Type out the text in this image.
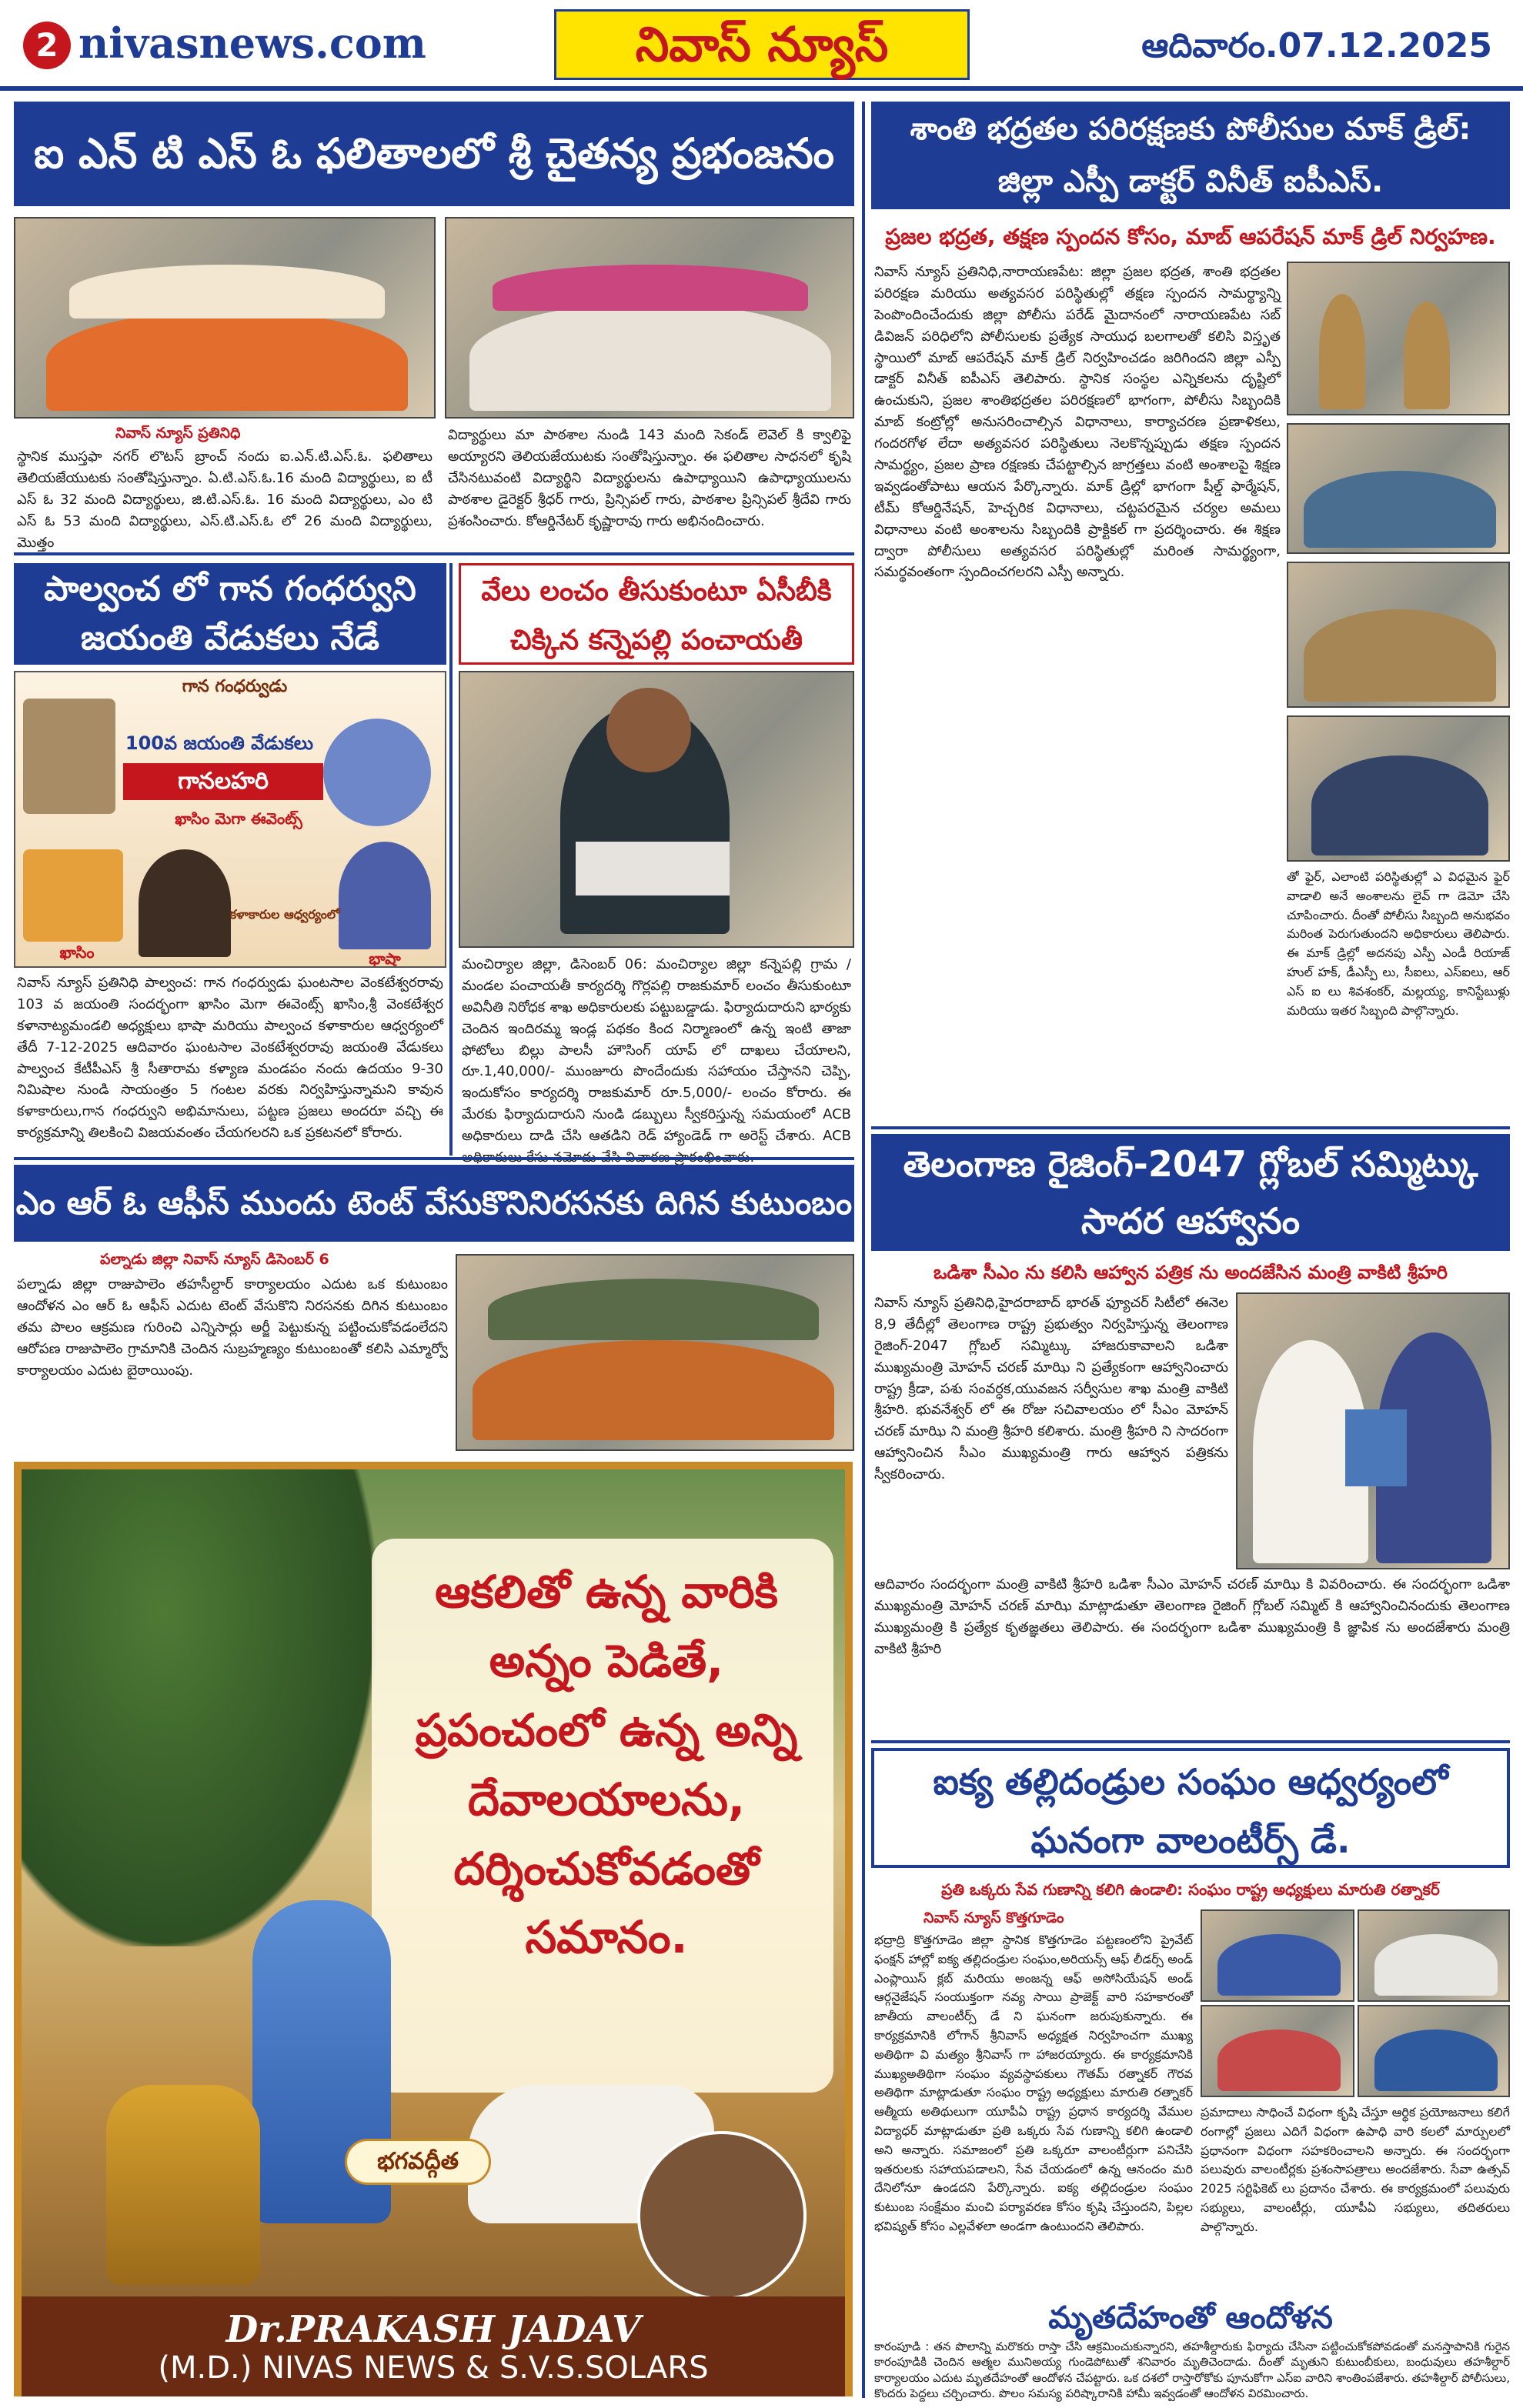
2 nivasnews.com	నివాస్ న్యూస్	ఆదివారం.07.12.2025
ఐ ఎన్ టి ఎస్ ఓ ఫలితాలలో శ్రీ చైతన్య ప్రభంజనం
నివాస్ న్యూస్ ప్రతినిధి
స్థానిక ముస్తఫా నగర్ లొటస్ బ్రాంచ్ నందు ఐ.ఎన్.టి.ఎస్.ఓ. ఫలితాలు తెలియజేయుటకు సంతోషిస్తున్నాం. ఏ.టి.ఎస్.ఓ.16 మంది విద్యార్థులు, ఐ టీ ఎస్ ఓ 32 మంది విద్యార్థులు, జి.టి.ఎస్.ఓ. 16 మంది విద్యార్థులు, ఎం టి ఎస్ ఓ 53 మంది విద్యార్థులు, ఎస్.టి.ఎస్.ఓ లో 26 మంది విద్యార్థులు, మొత్తం
విద్యార్థులు మా పాఠశాల నుండి 143 మంది సెకండ్ లెవెల్ కి క్వాలిఫై అయ్యారని తెలియజేయుటకు సంతోషిస్తున్నాం. ఈ ఫలితాల సాధనలో కృషి చేసినటువంటి విద్యార్థిని విద్యార్థులను ఉపాధ్యాయిని ఉపాధ్యాయులను పాఠశాల డైరెక్టర్ శ్రీధర్ గారు, ప్రిన్సిపల్ గారు, పాఠశాల ప్రిన్సిపల్ శ్రీదేవి గారు ప్రశంసించారు. కోఆర్డినేటర్ కృష్ణారావు గారు అభినందించారు.
పాల్వంచ లో గాన గంధర్వుని జయంతి వేడుకలు నేడే
గాన గంధర్వుడు
100వ జయంతి వేడుకలు
గానలహరి
ఖాసిం మెగా ఈవెంట్స్
కళాకారుల ఆధ్వర్యంలో
ఖాసిం	భాషా
నివాస్ న్యూస్ ప్రతినిధి పాల్వంచ: గాన గంధర్వుడు ఘంటసాల వెంకటేశ్వరరావు 103 వ జయంతి సందర్భంగా ఖాసిం మెగా ఈవెంట్స్ ఖాసిం,శ్రీ వెంకటేశ్వర కళానాట్యమండలి అధ్యక్షులు భాషా మరియు పాల్వంచ కళాకారుల ఆధ్వర్యంలో తేదీ 7-12-2025 ఆదివారం ఘంటసాల వెంకటేశ్వరరావు జయంతి వేడుకలు పాల్వంచ కేటీపీఎస్ శ్రీ సీతారామ కళ్యాణ మండపం నందు ఉదయం 9-30 నిమిషాల నుండి సాయంత్రం 5 గంటల వరకు నిర్వహిస్తున్నామని కావున కళాకారులు,గాన గంధర్వుని అభిమానులు, పట్టణ ప్రజలు అందరూ వచ్చి ఈ కార్యక్రమాన్ని తిలకించి విజయవంతం చేయగలరని ఒక ప్రకటనలో కోరారు.
వేలు లంచం తీసుకుంటూ ఏసీబీకి చిక్కిన కన్నెపల్లి పంచాయతీ
మంచిర్యాల జిల్లా, డిసెంబర్ 06: మంచిర్యాల జిల్లా కన్నెపల్లి గ్రామ / మండల పంచాయతీ కార్యదర్శి గొర్లపల్లి రాజకుమార్ లంచం తీసుకుంటూ అవినీతి నిరోధక శాఖ అధికారులకు పట్టుబడ్డాడు. ఫిర్యాదుదారుని భార్యకు చెందిన ఇందిరమ్మ ఇండ్ల పథకం కింద నిర్మాణంలో ఉన్న ఇంటి తాజా ఫోటోలు బిల్లు పాలసీ హౌసింగ్ యాప్ లో దాఖలు చేయాలని, రూ.1,40,000/- ముంజూరు పొందేందుకు సహాయం చేస్తానని చెప్పి, ఇందుకోసం కార్యదర్శి రాజకుమార్ రూ.5,000/- లంచం కోరారు. ఈ మేరకు ఫిర్యాదుదారుని నుండి డబ్బులు స్వీకరిస్తున్న సమయంలో ACB అధికారులు దాడి చేసి ఆతడిని రెడ్ హ్యాండెడ్ గా అరెస్ట్ చేశారు. ACB
ఎం ఆర్ ఓ ఆఫీస్ ముందు టెంట్ వేసుకొనినిరసనకు దిగిన కుటుంబం
పల్నాడు జిల్లా నివాస్ న్యూస్ డిసెంబర్ 6
పల్నాడు జిల్లా రాజుపాలెం తహసీల్దార్ కార్యాలయం ఎదుట ఒక కుటుంబం ఆందోళన ఎం ఆర్ ఓ ఆఫీస్ ఎదుట టెంట్ వేసుకొని నిరసనకు దిగిన కుటుంబం తమ పొలం ఆక్రమణ గురించి ఎన్నిసార్లు అర్జీ పెట్టుకున్న పట్టించుకోవడంలేదని ఆరోపణ రాజుపాలెం గ్రామానికి చెందిన సుబ్రహ్మణ్యం కుటుంబంతో కలిసి ఎమ్మార్వో కార్యాలయం ఎదుట బైఠాయింపు.
ఆకలితో ఉన్న వారికి అన్నం పెడితే, ప్రపంచంలో ఉన్న అన్ని దేవాలయాలను, దర్శించుకోవడంతో సమానం.
భగవద్గీత
Dr.PRAKASH JADAV
(M.D.) NIVAS NEWS & S.V.S.SOLARS
శాంతి భద్రతల పరిరక్షణకు పోలీసుల మాక్ డ్రిల్: జిల్లా ఎస్పీ డాక్టర్ వినీత్ ఐపీఎస్.
ప్రజల భద్రత, తక్షణ స్పందన కోసం, మాబ్ ఆపరేషన్ మాక్ డ్రిల్ నిర్వహణ.
నివాస్ న్యూస్ ప్రతినిధి,నారాయణపేట: జిల్లా ప్రజల భద్రత, శాంతి భద్రతల పరిరక్షణ మరియు అత్యవసర పరిస్థితుల్లో తక్షణ స్పందన సామర్థ్యాన్ని పెంపొందించేందుకు జిల్లా పోలీసు పరేడ్ మైదానంలో నారాయణపేట సబ్ డివిజన్ పరిధిలోని పోలీసులకు ప్రత్యేక సాయుధ బలగాలతో కలిసి విస్తృత స్థాయిలో మాబ్ ఆపరేషన్ మాక్ డ్రిల్ నిర్వహించడం జరిగిందని జిల్లా ఎస్పీ డాక్టర్ వినీత్ ఐపీఎస్ తెలిపారు. స్థానిక సంస్థల ఎన్నికలను దృష్టిలో ఉంచుకుని, ప్రజల శాంతిభద్రతల పరిరక్షణలో భాగంగా, పోలీసు సిబ్బందికి మాబ్ కంట్రోల్లో అనుసరించాల్సిన విధానాలు, కార్యాచరణ ప్రణాళికలు, గందరగోళ లేదా అత్యవసర పరిస్థితులు నెలకొన్నప్పుడు తక్షణ స్పందన సామర్థ్యం, ప్రజల ప్రాణ రక్షణకు చేపట్టాల్సిన జాగ్రత్తలు వంటి అంశాలపై శిక్షణ ఇవ్వడంతోపాటు ఆయన పేర్కొన్నారు. మాక్ డ్రిల్లో భాగంగా షీల్డ్ ఫార్మేషన్, టీమ్ కోఆర్డినేషన్, హెచ్చరిక విధానాలు, చట్టపరమైన చర్యల అమలు విధానాలు వంటి అంశాలను సిబ్బందికి ప్రాక్టికల్ గా ప్రదర్శించారు. ఈ శిక్షణ ద్వారా పోలీసులు అత్యవసర పరిస్థితుల్లో మరింత సామర్థ్యంగా, సమర్థవంతంగా స్పందించగలరని ఎస్పీ అన్నారు.
తో ఫైర్, ఎలాంటి పరిస్థితుల్లో ఎ విధమైన ఫైర్ వాడాలి అనే అంశాలను లైవ్ గా డెమో చేసి చూపించారు. దీంతో పోలీసు సిబ్బంది అనుభవం మరింత పెరుగుతుందని అధికారులు తెలిపారు. ఈ మాక్ డ్రిల్లో అదనపు ఎస్పీ ఎండీ రియాజ్ హుల్ హక్, డీఎస్పీ లు, సీఐలు, ఎస్ఐలు, ఆర్ ఎస్ ఐ లు శివశంకర్, మల్లయ్య, కానిస్టేబుళ్లు మరియు ఇతర సిబ్బంది పాల్గొన్నారు.
తెలంగాణ రైజింగ్-2047 గ్లోబల్ సమ్మిట్కు సాదర ఆహ్వానం
ఒడిశా సీఎం ను కలిసి ఆహ్వాన పత్రిక ను అందజేసిన మంత్రి వాకిటి శ్రీహరి
నివాస్ న్యూస్ ప్రతినిధి,హైదరాబాద్ భారత్ ఫ్యూచర్ సిటీలో ఈనెల 8,9 తేదీల్లో తెలంగాణ రాష్ట్ర ప్రభుత్వం నిర్వహిస్తున్న తెలంగాణ రైజింగ్-2047 గ్లోబల్ సమ్మిట్కు హాజరుకావాలని ఒడిశా ముఖ్యమంత్రి మోహన్ చరణ్ మాఝి ని ప్రత్యేకంగా ఆహ్వానించారు రాష్ట్ర క్రీడా, పశు సంవర్ధక,యువజన సర్వీసుల శాఖ మంత్రి వాకిటి శ్రీహరి. భువనేశ్వర్ లో ఈ రోజు సచివాలయం లో సీఎం మోహన్ చరణ్ మాఝి ని మంత్రి శ్రీహరి కలిశారు. మంత్రి శ్రీహరి ని సాదరంగా ఆహ్వానించిన సీఎం ముఖ్యమంత్రి గారు ఆహ్వాన పత్రికను స్వీకరించారు.
ఆదివారం సందర్భంగా మంత్రి వాకిటి శ్రీహరి ఒడిశా సీఎం మోహన్ చరణ్ మాఝి కి వివరించారు. ఈ సందర్భంగా ఒడిశా ముఖ్యమంత్రి మోహన్ చరణ్ మాఝి మాట్లాడుతూ తెలంగాణ రైజింగ్ గ్లోబల్ సమ్మిట్ కి ఆహ్వానించినందుకు తెలంగాణ ముఖ్యమంత్రి కి ప్రత్యేక కృతజ్ఞతలు తెలిపారు. ఈ సందర్భంగా ఒడిశా ముఖ్యమంత్రి కి జ్ఞాపిక ను అందజేశారు మంత్రి వాకిటి శ్రీహరి
ఐక్య తల్లిదండ్రుల సంఘం ఆధ్వర్యంలో ఘనంగా వాలంటీర్స్ డే.
ప్రతి ఒక్కరు సేవ గుణాన్ని కలిగి ఉండాలి: సంఘం రాష్ట్ర అధ్యక్షులు మారుతి రత్నాకర్
నివాస్ న్యూస్ కొత్తగూడెం
భద్రాద్రి కొత్తగూడెం జిల్లా స్థానిక కొత్తగూడెం పట్టణంలోని ప్రైవేట్ ఫంక్షన్ హాల్లో ఐక్య తల్లిదండ్రుల సంఘం,అరియన్స్ ఆఫ్ లీడర్స్ అండ్ ఎంప్లాయిస్ క్లబ్ మరియు అంజన్న ఆఫ్ అసోసియేషన్ అండ్ ఆర్గనైజేషన్ సంయుక్తంగా నవ్య సాయి ప్రాజెక్ట్ వారి సహకారంతో జాతీయ వాలంటీర్స్ డే ని ఘనంగా జరుపుకున్నారు. ఈ కార్యక్రమానికి లోగాన్ శ్రీనివాస్ అధ్యక్షత నిర్వహించగా ముఖ్య అతిథిగా వి మత్యం శ్రీనివాస్ గా హాజరయ్యారు. ఈ కార్యక్రమానికి ముఖ్యఅతిథిగా సంఘం వ్యవస్థాపకులు గౌతమ్ రత్నాకర్ గౌరవ అతిథిగా మాట్లాడుతూ సంఘం రాష్ట్ర అధ్యక్షులు మారుతి రత్నాకర్ ఆత్మీయ అతిథులుగా యూపీఏ రాష్ట్ర ప్రధాన కార్యదర్శి వేముల విద్యాధర్ మాట్లాడుతూ ప్రతి ఒక్కరు సేవ గుణాన్ని కలిగి ఉండాలి అని అన్నారు. సమాజంలో ప్రతి ఒక్కరూ వాలంటీర్లుగా పనిచేసి ఇతరులకు సహాయపడాలని, సేవ చేయడంలో ఉన్న ఆనందం మరి దేనిలోనూ ఉండదని పేర్కొన్నారు. ఐక్య తల్లిదండ్రుల సంఘం కుటుంబ సంక్షేమం మంచి పర్యావరణ కోసం కృషి చేస్తుందని, పిల్లల భవిష్యత్ కోసం ఎల్లవేళలా అండగా ఉంటుందని తెలిపారు.
ప్రమాదాలు సాధించే విధంగా కృషి చేస్తూ ఆర్థిక ప్రయోజనాలు కలిగే రంగాల్లో ప్రజలు ఎదిగే విధంగా ఉపాధి వారి కలలో మార్పులలో ప్రధానంగా విధంగా సహకరించాలని అన్నారు. ఈ సందర్భంగా పలువురు వాలంటీర్లకు ప్రశంసాపత్రాలు అందజేశారు. సేవా ఉత్సవ్ 2025 సర్టిఫికెట్ లు ప్రదానం చేశారు. ఈ కార్యక్రమంలో పలువురు సభ్యులు, వాలంటీర్లు, యూపీఏ సభ్యులు, తదితరులు పాల్గొన్నారు.
మృతదేహంతో ఆందోళన
కారంపూడి : తన పొలాన్ని మరొకరు రాస్తా చేసి ఆక్రమించుకున్నారని, తహశీల్దారుకు ఫిర్యాదు చేసినా పట్టించుకోకపోవడంతో మనస్తాపానికి గురైన కారంపూడికి చెందిన ఆత్మల మునిఅయ్య గుండెపోటుతో శనివారం మృతిచెందాడు. దీంతో మృతుని కుటుంబీకులు, బంధువులు తహశీల్దార్ కార్యాలయం ఎదుట మృతదేహంతో ఆందోళన చేపట్టారు. ఒక దశలో రాస్తారోకోకు పూనుకోగా ఎస్ఐ వారిని శాంతింపజేశారు. తహశీల్దార్ పోలీసులు, కొందరు పెద్దలు చర్చించారు. పొలం సమస్య పరిష్కారానికి హామీ ఇవ్వడంతో ఆందోళన విరమించారు.
